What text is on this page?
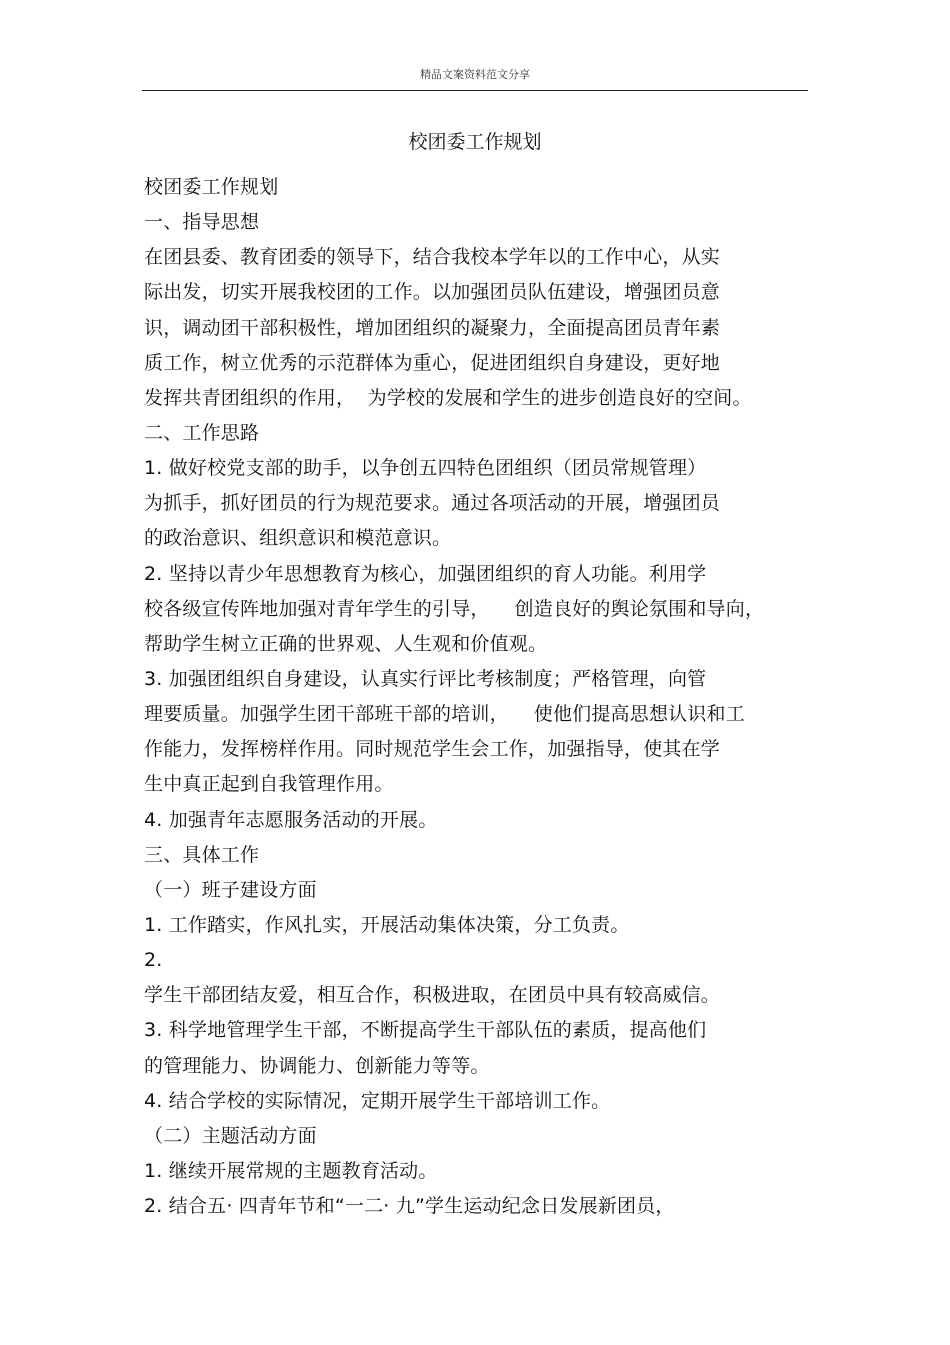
精品文案资料范文分享
校团委工作规划
校团委工作规划
一、指导思想
在团县委、教育团委的领导下，结合我校本学年以的工作中心，从实
际出发，切实开展我校团的工作。以加强团员队伍建设，增强团员意
识，调动团干部积极性，增加团组织的凝聚力，全面提高团员青年素
质工作，树立优秀的示范群体为重心，促进团组织自身建设，更好地
发挥共青团组织的作用，  为学校的发展和学生的进步创造良好的空间。
二、工作思路
1. 做好校党支部的助手，以争创五四特色团组织（团员常规管理）
为抓手，抓好团员的行为规范要求。通过各项活动的开展，增强团员
的政治意识、组织意识和模范意识。
2. 坚持以青少年思想教育为核心，加强团组织的育人功能。利用学
校各级宣传阵地加强对青年学生的引导，    创造良好的舆论氛围和导向，
帮助学生树立正确的世界观、人生观和价值观。
3. 加强团组织自身建设，认真实行评比考核制度；严格管理，向管
理要质量。加强学生团干部班干部的培训，    使他们提高思想认识和工
作能力，发挥榜样作用。同时规范学生会工作，加强指导，使其在学
生中真正起到自我管理作用。
4. 加强青年志愿服务活动的开展。
三、具体工作
（一）班子建设方面
1. 工作踏实，作风扎实，开展活动集体决策，分工负责。
2.
学生干部团结友爱，相互合作，积极进取，在团员中具有较高威信。
3. 科学地管理学生干部，不断提高学生干部队伍的素质，提高他们
的管理能力、协调能力、创新能力等等。
4. 结合学校的实际情况，定期开展学生干部培训工作。
（二）主题活动方面
1. 继续开展常规的主题教育活动。
2. 结合五· 四青年节和“一二· 九”学生运动纪念日发展新团员，
